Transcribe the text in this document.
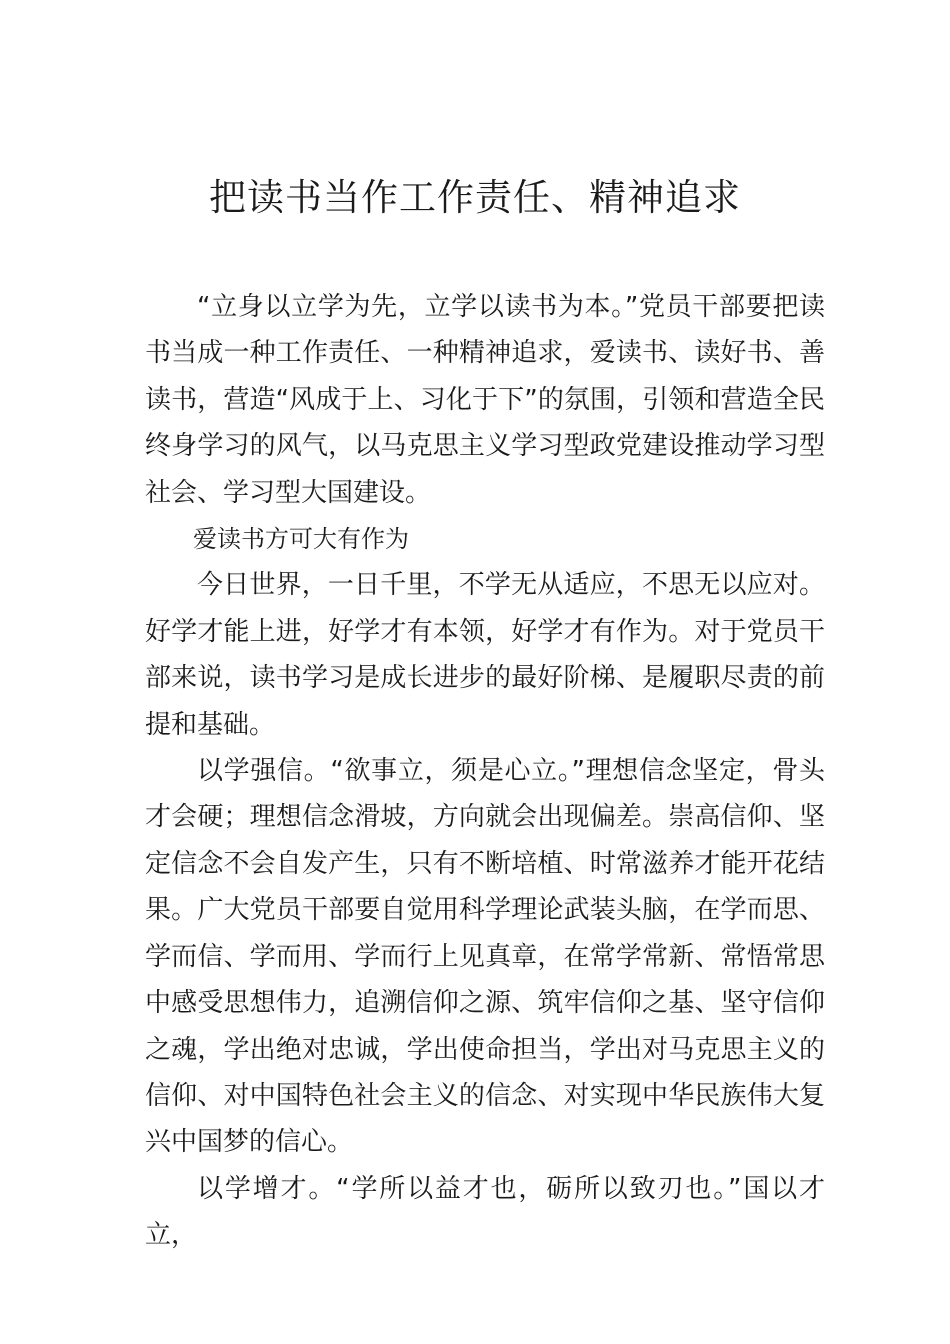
把读书当作工作责任、精神追求

“立身以立学为先，立学以读书为本。”党员干部要把读书当成一种工作责任、一种精神追求，爱读书、读好书、善读书，营造“风成于上、习化于下”的氛围，引领和营造全民终身学习的风气，以马克思主义学习型政党建设推动学习型社会、学习型大国建设。

爱读书方可大有作为

今日世界，一日千里，不学无从适应，不思无以应对。好学才能上进，好学才有本领，好学才有作为。对于党员干部来说，读书学习是成长进步的最好阶梯、是履职尽责的前提和基础。

以学强信。“欲事立，须是心立。”理想信念坚定，骨头才会硬；理想信念滑坡，方向就会出现偏差。崇高信仰、坚定信念不会自发产生，只有不断培植、时常滋养才能开花结果。广大党员干部要自觉用科学理论武装头脑，在学而思、 学而信、学而用、学而行上见真章，在常学常新、常悟常思中感受思想伟力，追溯信仰之源、筑牢信仰之基、坚守信仰之魂，学出绝对忠诚，学出使命担当，学出对马克思主义的信仰、对中国特色社会主义的信念、对实现中华民族伟大复兴中国梦的信心。

以学增才。“学所以益才也，砺所以致刃也。”国以才立，
